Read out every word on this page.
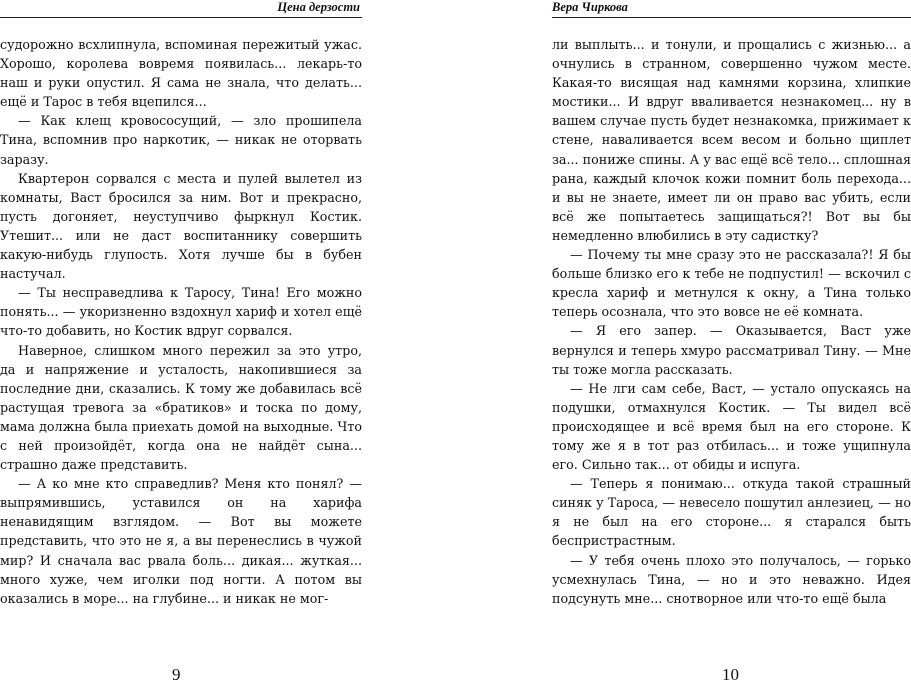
Цена дерзости

судорожно всхлипнула, вспоминая пережитый ужас. Хорошо, королева вовремя появилась... лекарь-то наш и руки опустил. Я сама не знала, что делать... ещё и Тарос в тебя вцепился...

— Как клещ кровососущий, — зло прошипела Тина, вспомнив про наркотик, — никак не оторвать заразу.

Квартерон сорвался с места и пулей вылетел из комнаты, Васт бросился за ним. Вот и прекрасно, пусть догоняет, неуступчиво фыркнул Костик. Утешит... или не даст воспитаннику совершить какую-нибудь глупость. Хотя лучше бы в бубен настучал.

— Ты несправедлива к Таросу, Тина! Его можно понять... — укоризненно вздохнул хариф и хотел ещё что-то добавить, но Костик вдруг сорвался.

Наверное, слишком много пережил за это утро, да и напряжение и усталость, накопившиеся за последние дни, сказались. К тому же добавилась всё растущая тревога за «братиков» и тоска по дому, мама должна была приехать домой на выходные. Что с ней произойдёт, когда она не найдёт сына... страшно даже представить.

— А ко мне кто справедлив? Меня кто понял? — выпрямившись, уставился он на харифа ненавидящим взглядом. — Вот вы можете представить, что это не я, а вы перенеслись в чужой мир? И сначала вас рвала боль... дикая... жуткая... много хуже, чем иголки под ногти. А потом вы оказались в море... на глубине... и никак не мог-

9
Вера Чиркова

ли выплыть... и тонули, и прощались с жизнью... а очнулись в странном, совершенно чужом месте. Какая-то висящая над камнями корзина, хлипкие мостики... И вдруг вваливается незнакомец... ну в вашем случае пусть будет незнакомка, прижимает к стене, наваливается всем весом и больно щиплет за... пониже спины. А у вас ещё всё тело... сплошная рана, каждый клочок кожи помнит боль перехода... и вы не знаете, имеет ли он право вас убить, если всё же попытаетесь защищаться?! Вот вы бы немедленно влюбились в эту садистку?

— Почему ты мне сразу это не рассказала?! Я бы больше близко его к тебе не подпустил! — вскочил с кресла хариф и метнулся к окну, а Тина только теперь осознала, что это вовсе не её комната.

— Я его запер. — Оказывается, Васт уже вернулся и теперь хмуро рассматривал Тину. — Мне ты тоже могла рассказать.

— Не лги сам себе, Васт, — устало опускаясь на подушки, отмахнулся Костик. — Ты видел всё происходящее и всё время был на его стороне. К тому же я в тот раз отбилась... и тоже ущипнула его. Сильно так... от обиды и испуга.

— Теперь я понимаю... откуда такой страшный синяк у Тароса, — невесело пошутил анлезиец, — но я не был на его стороне... я старался быть беспристрастным.

— У тебя очень плохо это получалось, — горько усмехнулась Тина, — но и это неважно. Идея подсунуть мне... снотворное или что-то ещё была

10
